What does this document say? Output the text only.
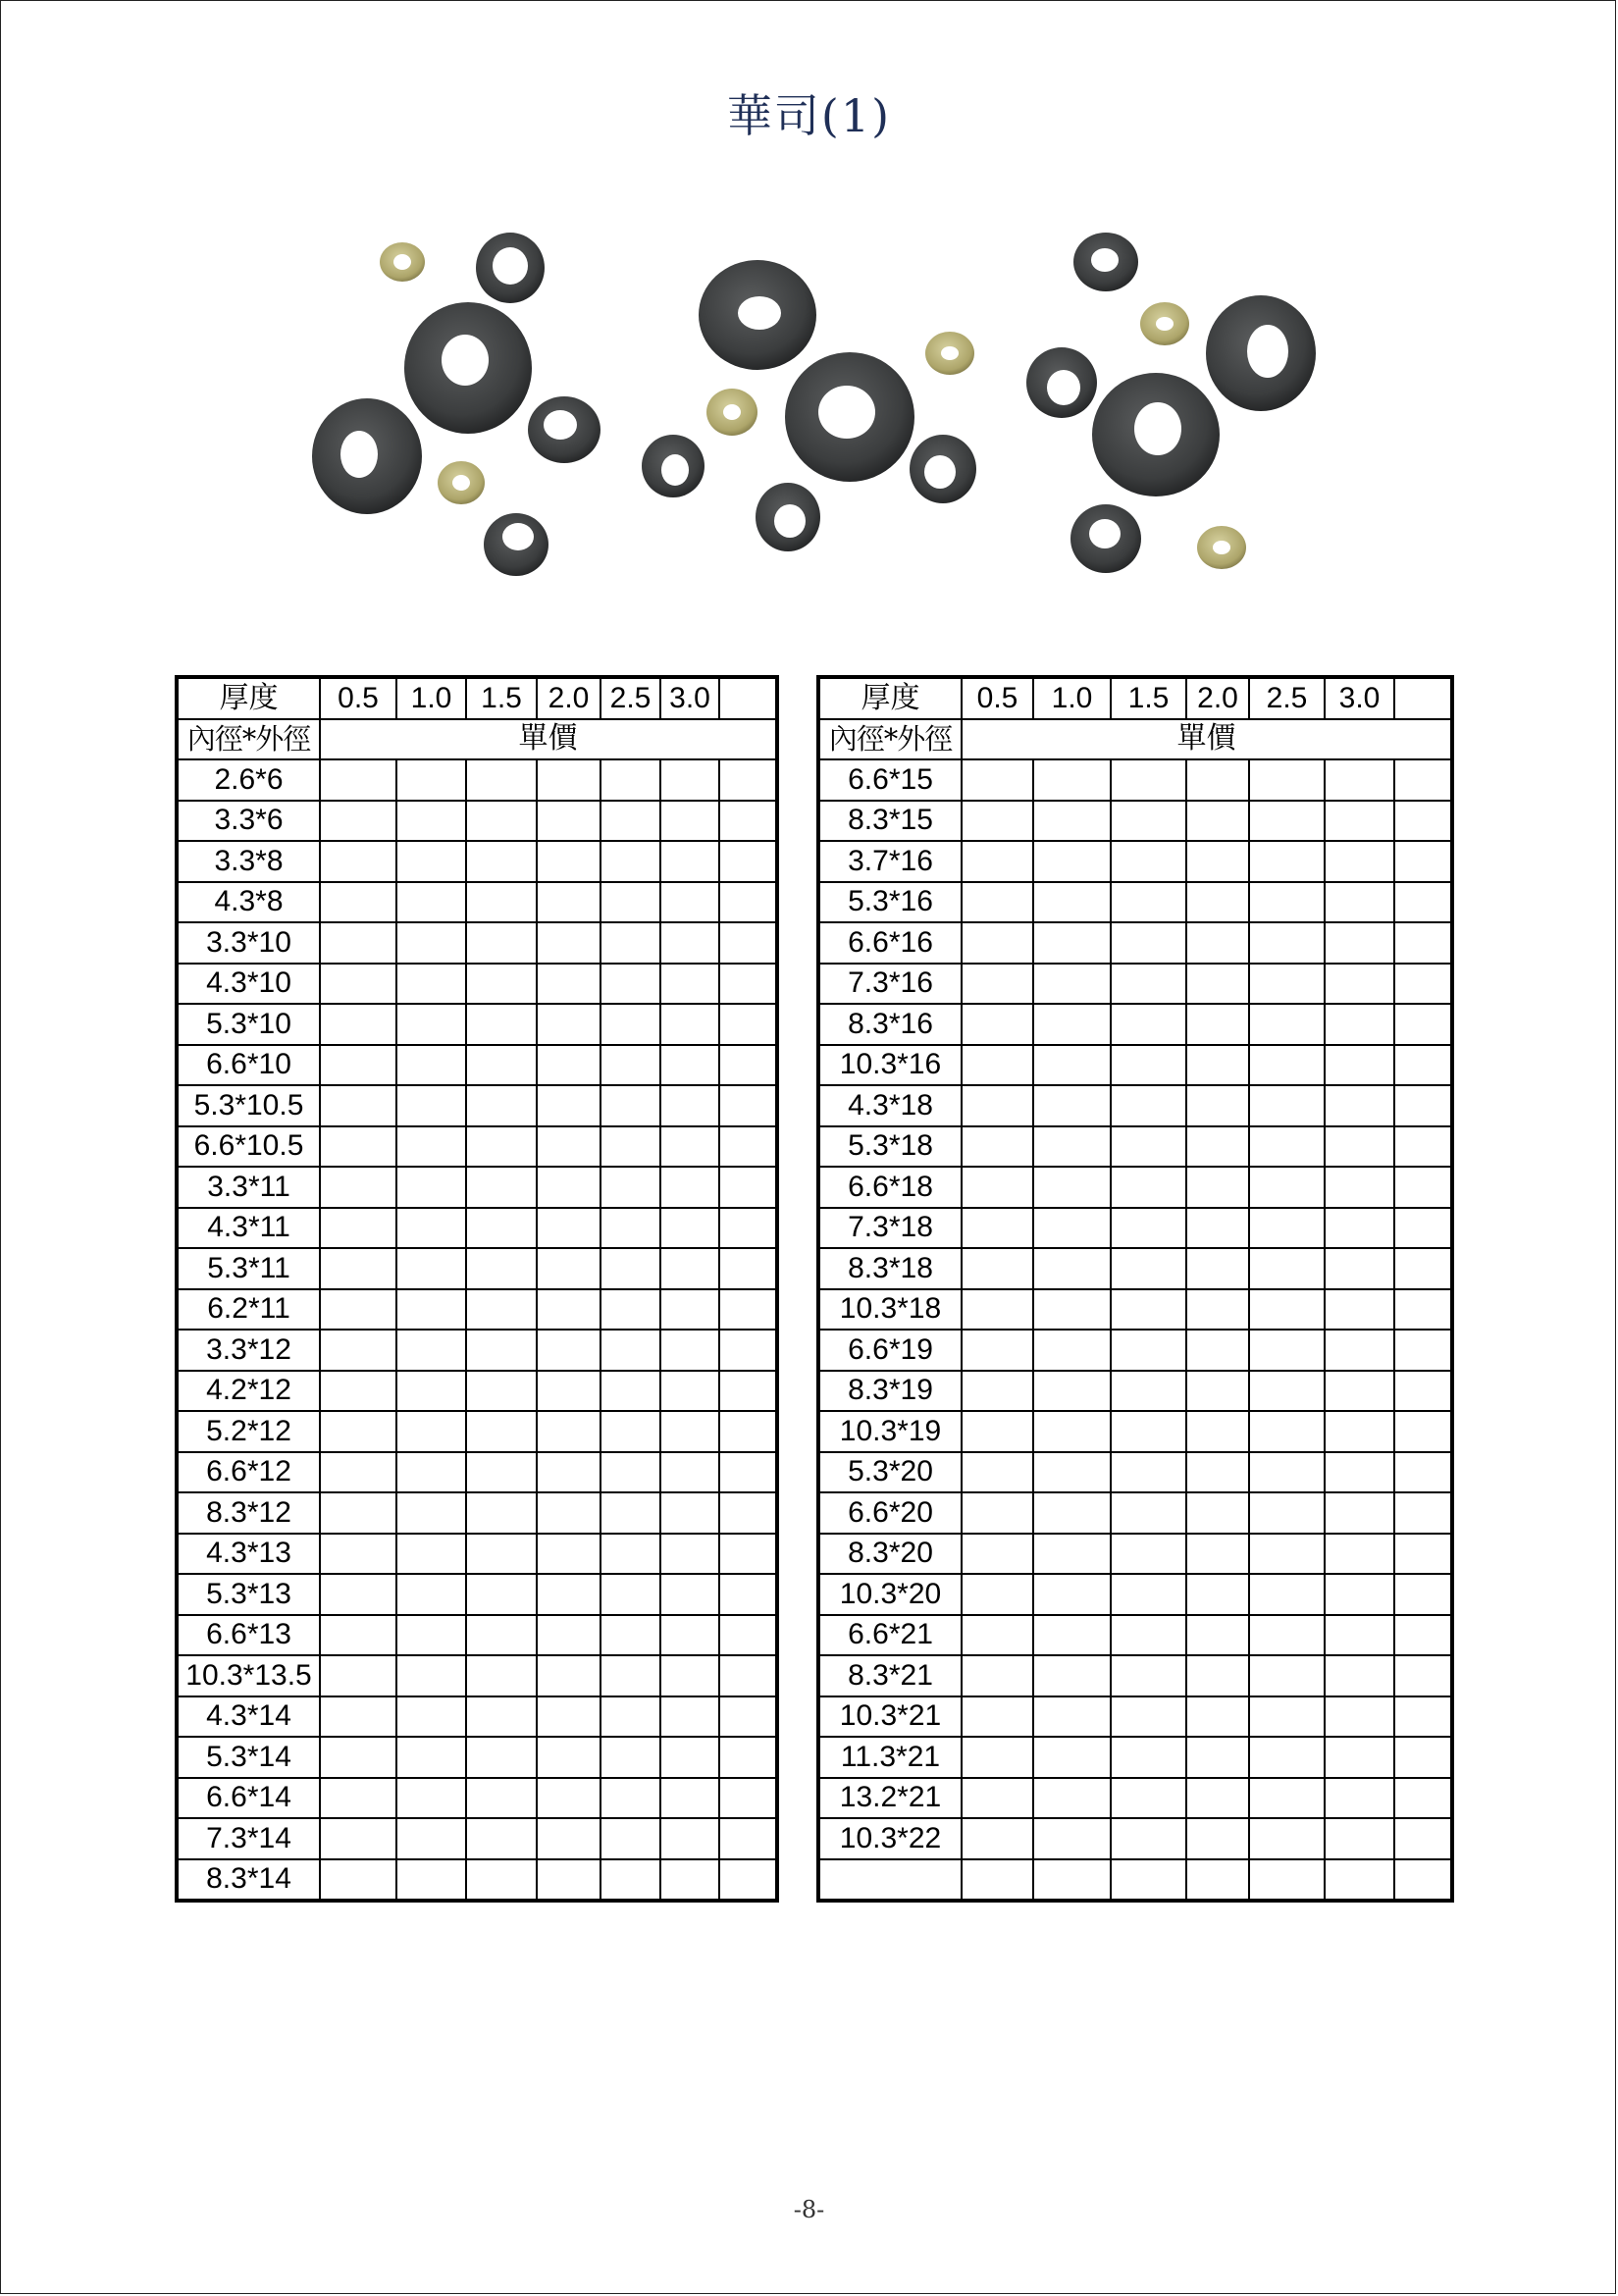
華司(1)
厚度	0.5	1.0	1.5	2.0	2.5	3.0	
內徑*外徑	單價						
2.6*6							
3.3*6							
3.3*8							
4.3*8							
3.3*10							
4.3*10							
5.3*10							
6.6*10							
5.3*10.5							
6.6*10.5							
3.3*11							
4.3*11							
5.3*11							
6.2*11							
3.3*12							
4.2*12							
5.2*12							
6.6*12							
8.3*12							
4.3*13							
5.3*13							
6.6*13							
10.3*13.5							
4.3*14							
5.3*14							
6.6*14							
7.3*14							
8.3*14							
厚度	0.5	1.0	1.5	2.0	2.5	3.0	
內徑*外徑	單價						
6.6*15							
8.3*15							
3.7*16							
5.3*16							
6.6*16							
7.3*16							
8.3*16							
10.3*16							
4.3*18							
5.3*18							
6.6*18							
7.3*18							
8.3*18							
10.3*18							
6.6*19							
8.3*19							
10.3*19							
5.3*20							
6.6*20							
8.3*20							
10.3*20							
6.6*21							
8.3*21							
10.3*21							
11.3*21							
13.2*21							
10.3*22							

-8-
